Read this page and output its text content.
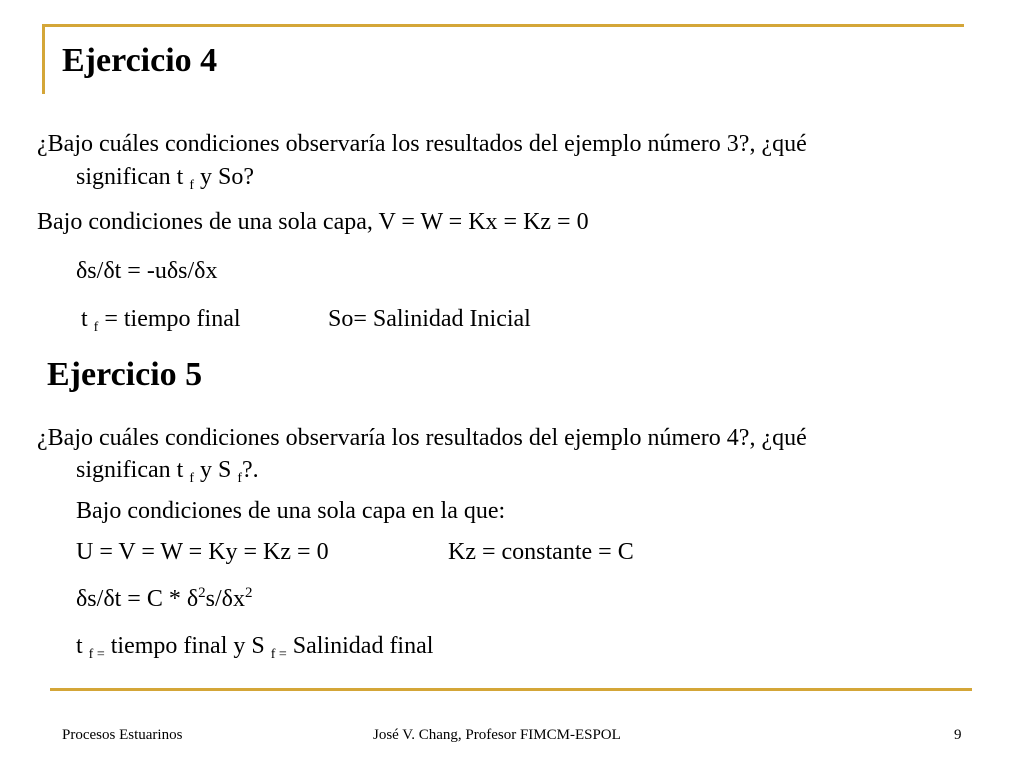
Ejercicio 4
¿Bajo cuáles condiciones observaría los resultados del ejemplo número 3?, ¿qué
significan t $_f$ y So?
Bajo condiciones de una sola capa, V = W = Kx = Kz = 0
δs/δt = -uδs/δx
t $_f$ = tiempo final	So= Salinidad Inicial
Ejercicio 5
¿Bajo cuáles condiciones observaría los resultados del ejemplo número 4?, ¿qué
significan t $_f$ y S $_f$?.
Bajo condiciones de una sola capa en la que:
U = V = W = Ky = Kz = 0	Kz = constante = C
$\delta s/\delta t = C * \delta^2s/\delta x^2$
t $_{f =}$ tiempo final y S $_{f =}$ Salinidad final
Procesos Estuarinos	José V. Chang, Profesor FIMCM-ESPOL	9
